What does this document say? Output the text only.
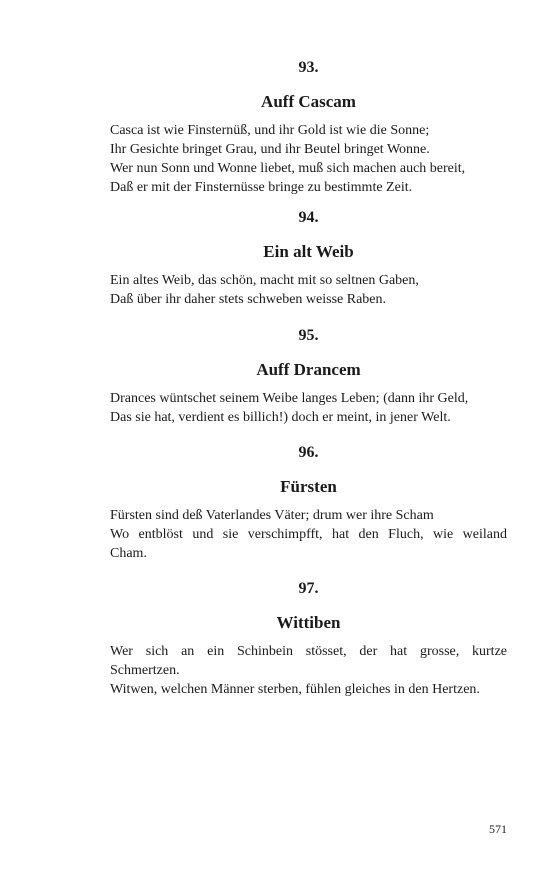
93.
Auff Cascam
Casca ist wie Finsternüß, und ihr Gold ist wie die Sonne;
Ihr Gesichte bringet Grau, und ihr Beutel bringet Wonne.
Wer nun Sonn und Wonne liebet, muß sich machen auch bereit,
Daß er mit der Finsternüsse bringe zu bestimmte Zeit.
94.
Ein alt Weib
Ein altes Weib, das schön, macht mit so seltnen Gaben,
Daß über ihr daher stets schweben weisse Raben.
95.
Auff Drancem
Drances wüntschet seinem Weibe langes Leben; (dann ihr Geld,
Das sie hat, verdient es billich!) doch er meint, in jener Welt.
96.
Fürsten
Fürsten sind deß Vaterlandes Väter; drum wer ihre Scham
Wo entblöst und sie verschimpfft, hat den Fluch, wie weiland
Cham.
97.
Wittiben
Wer sich an ein Schinbein stösset, der hat grosse, kurtze
Schmertzen.
Witwen, welchen Männer sterben, fühlen gleiches in den Hertzen.
571
